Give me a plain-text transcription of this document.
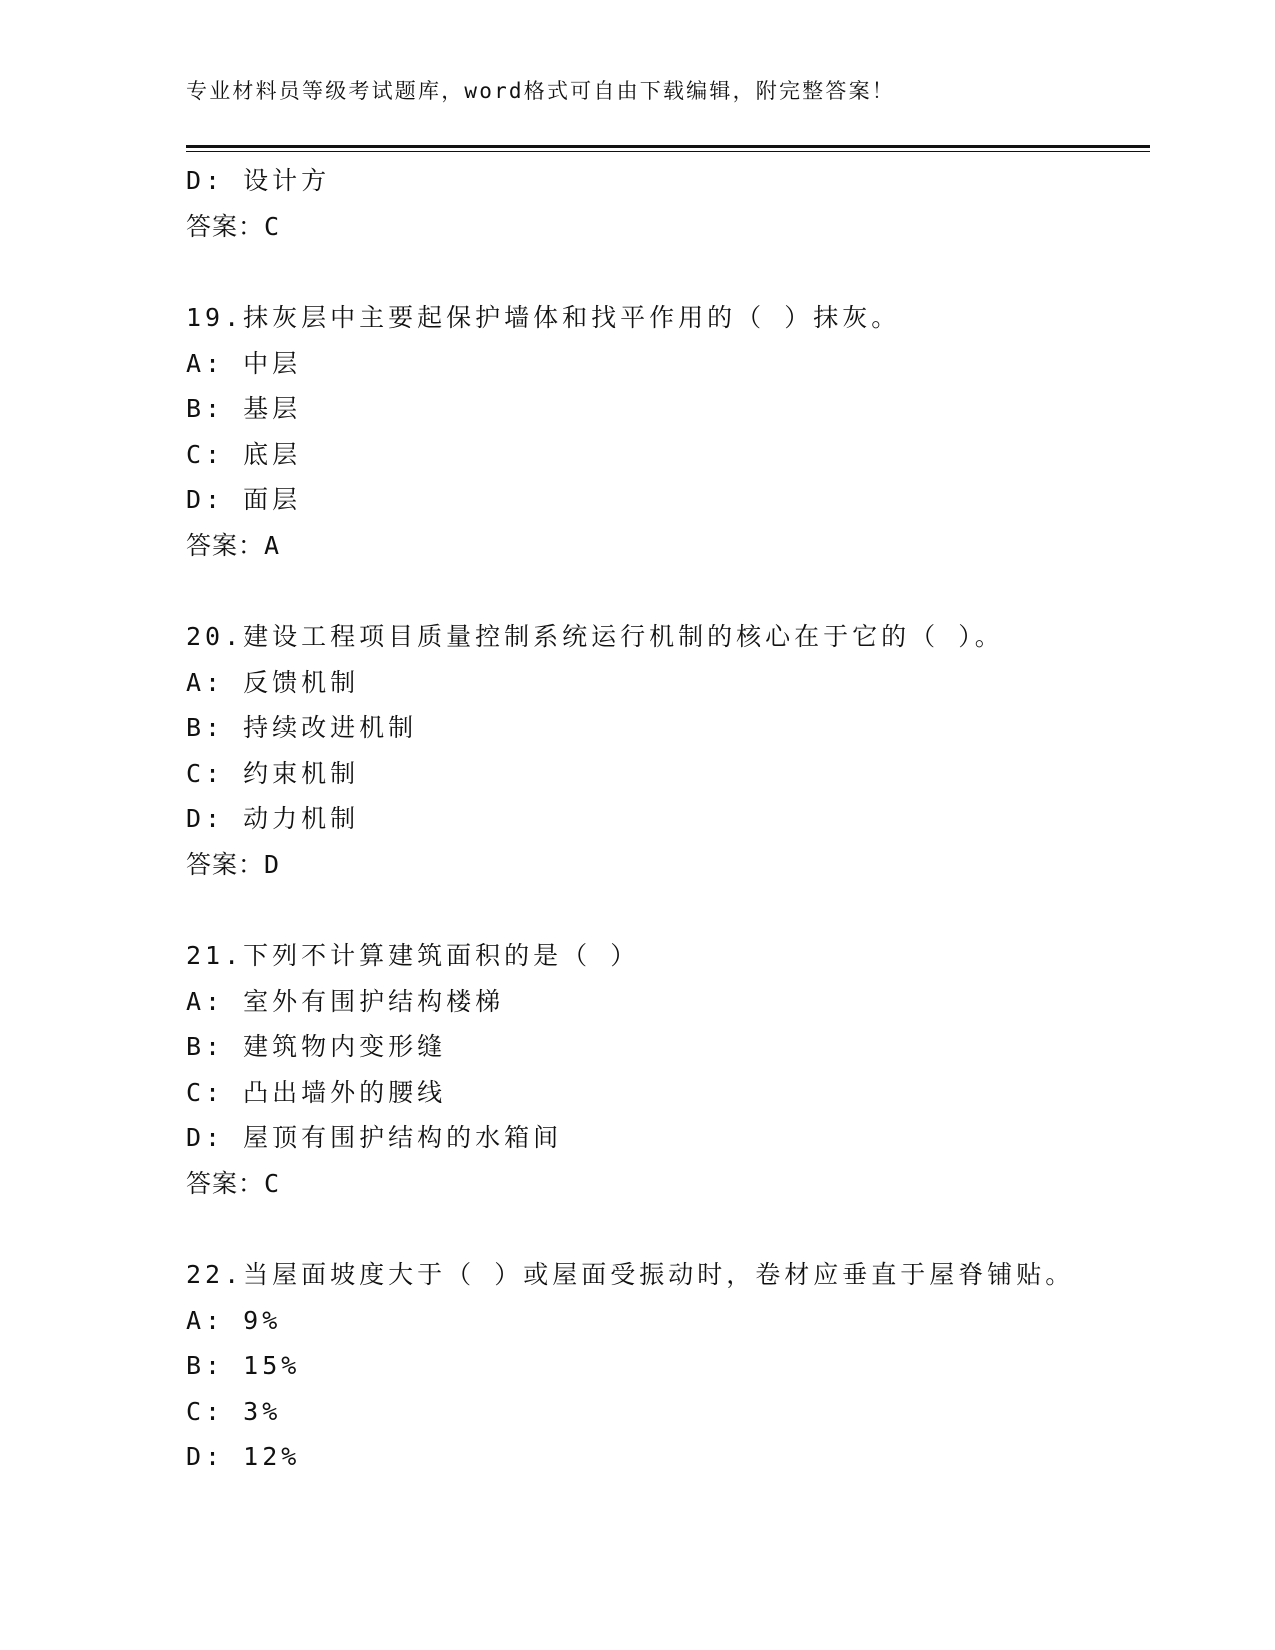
专业材料员等级考试题库，word格式可自由下载编辑，附完整答案！
D: 设计方
答案：C
19.抹灰层中主要起保护墙体和找平作用的（ ）抹灰。
A: 中层
B: 基层
C: 底层
D: 面层
答案：A
20.建设工程项目质量控制系统运行机制的核心在于它的（ ）。
A: 反馈机制
B: 持续改进机制
C: 约束机制
D: 动力机制
答案：D
21.下列不计算建筑面积的是（ ）
A: 室外有围护结构楼梯
B: 建筑物内变形缝
C: 凸出墙外的腰线
D: 屋顶有围护结构的水箱间
答案：C
22.当屋面坡度大于（ ）或屋面受振动时，卷材应垂直于屋脊铺贴。
A: 9%
B: 15%
C: 3%
D: 12%
